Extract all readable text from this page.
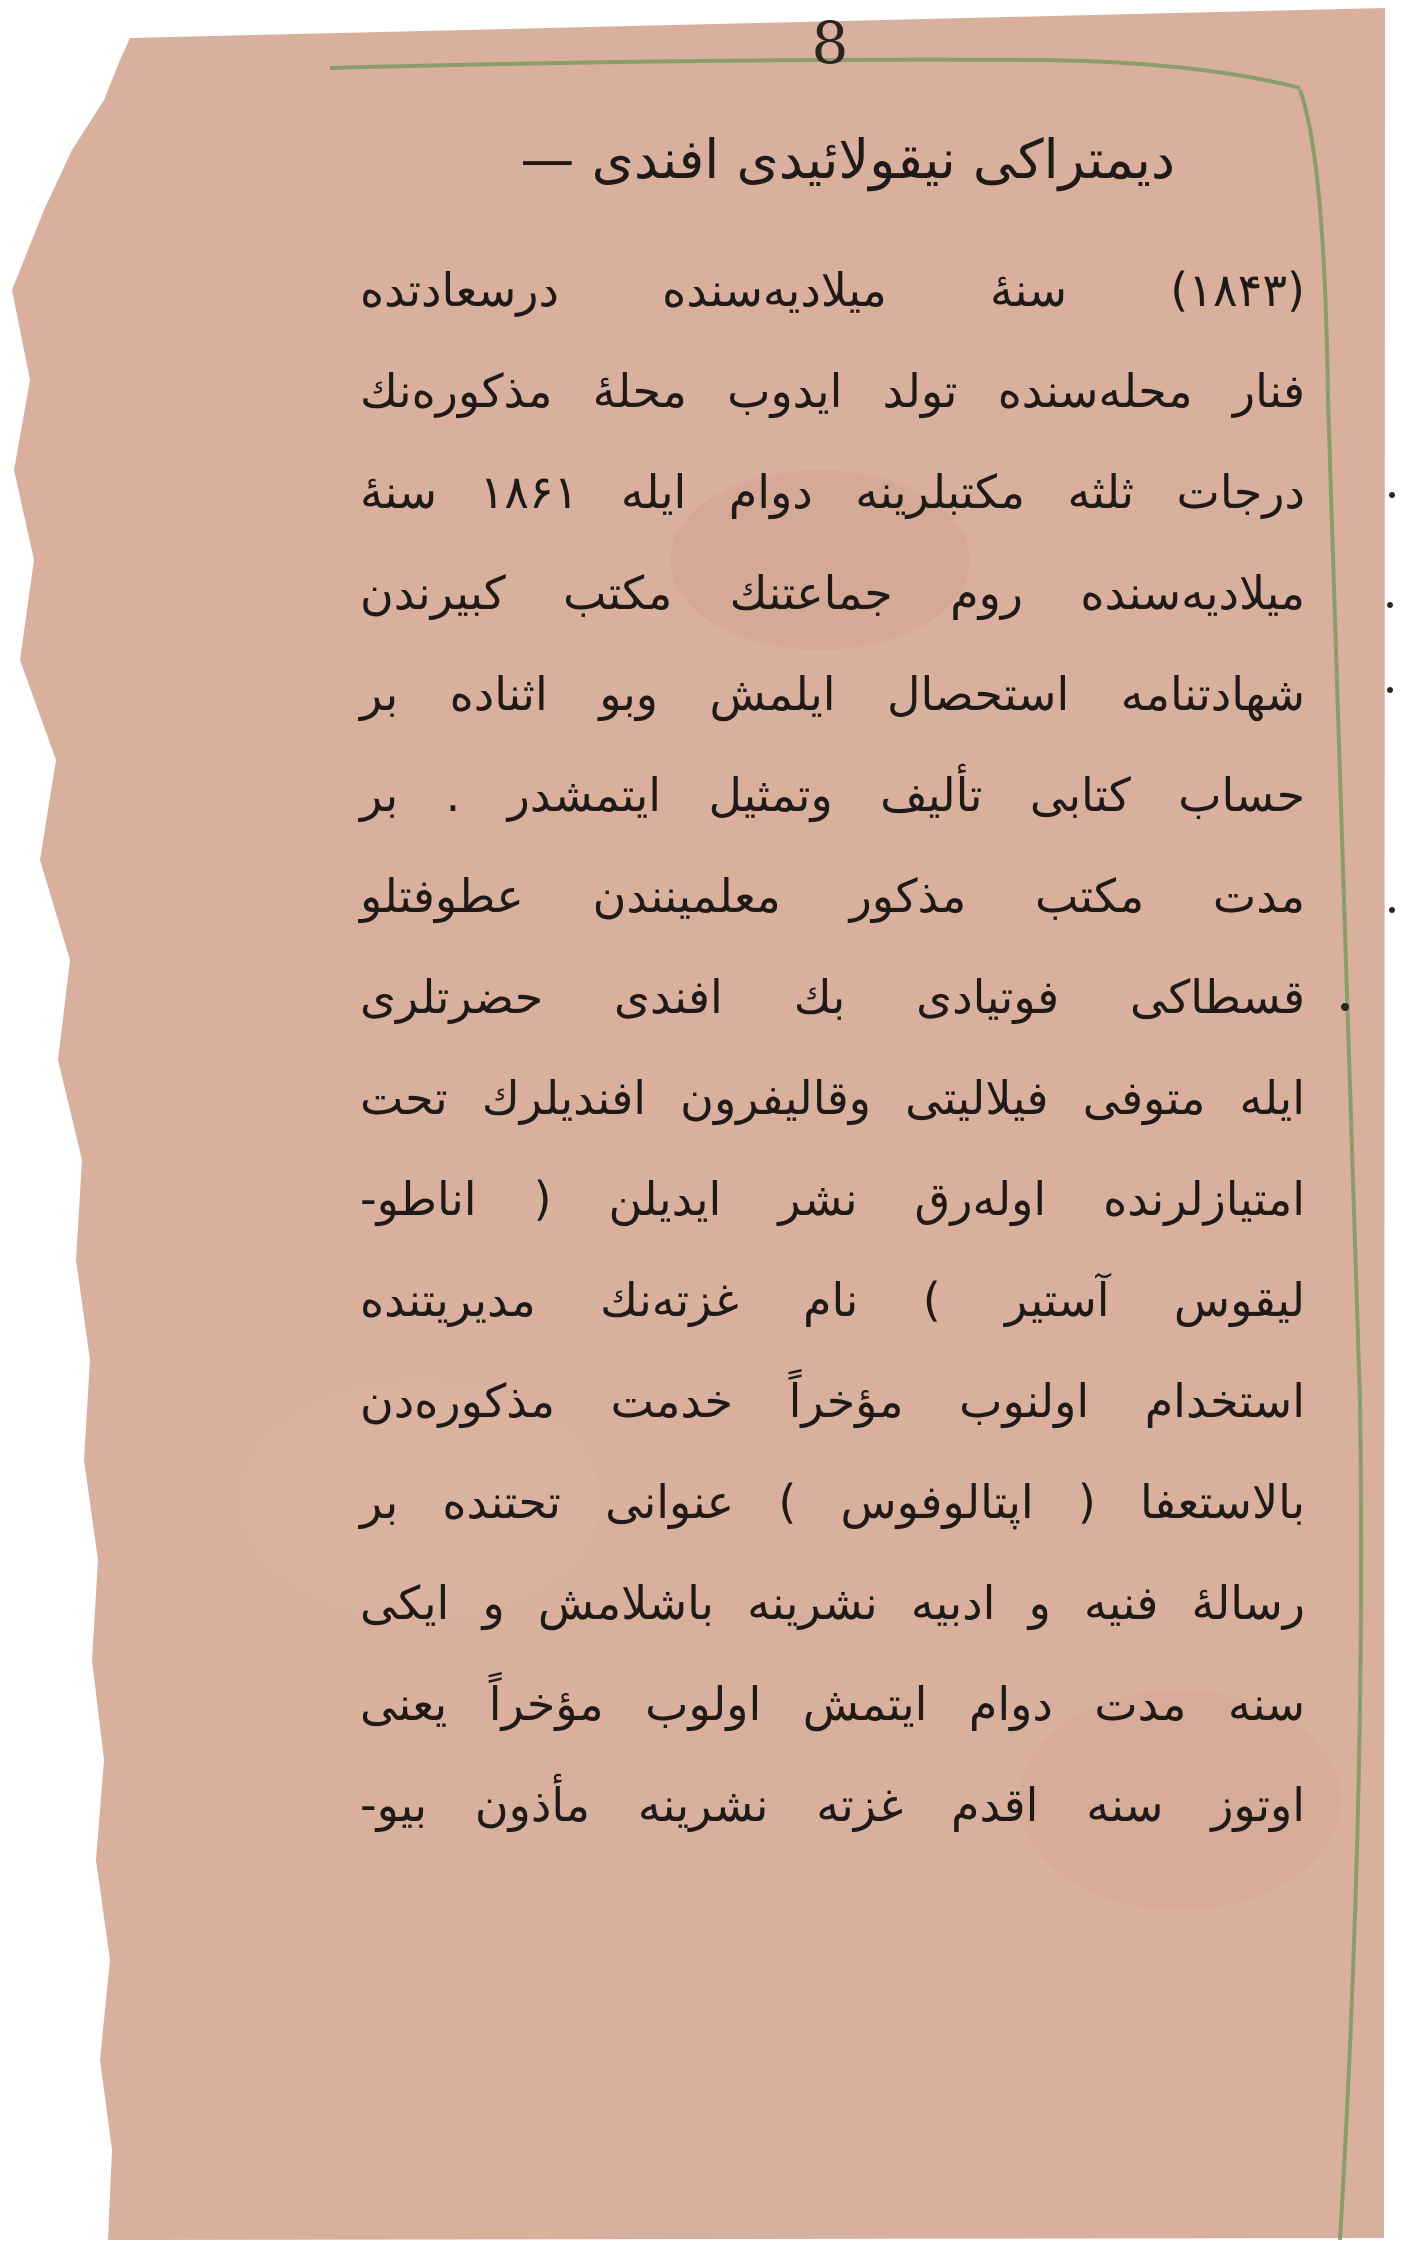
8
دیمتراکی نیقولائیدی افندی —
(۱۸۴۳) سنهٔ میلادیه‌سنده درسعادتده
فنار محله‌سنده تولد ایدوب محلهٔ مذکوره‌نك
درجات ثلثه مکتبلرینه دوام ایله ۱۸۶۱ سنهٔ
میلادیه‌سنده روم جماعتنك مکتب کبیرندن
شهادتنامه استحصال ایلمش وبو اثناده بر
حساب کتابی تألیف وتمثیل ایتمشدر . بر
مدت مکتب مذکور معلمینندن عطوفتلو
قسطاکی فوتیادی بك افندی حضرتلری
ایله متوفی فیلالیتی وقالیفرون افندیلرك تحت
امتیازلرنده اوله‌رق نشر ایدیلن ( اناطو-
لیقوس آستیر ) نام غزته‌نك مدیریتنده
استخدام اولنوب مؤخراً خدمت مذکوره‌دن
بالاستعفا ( اپتالوفوس ) عنوانی تحتنده بر
رسالهٔ فنیه و ادبیه نشرینه باشلامش و ایکی
سنه مدت دوام ایتمش اولوب مؤخراً یعنی
اوتوز سنه اقدم غزته نشرینه مأذون بیو-
